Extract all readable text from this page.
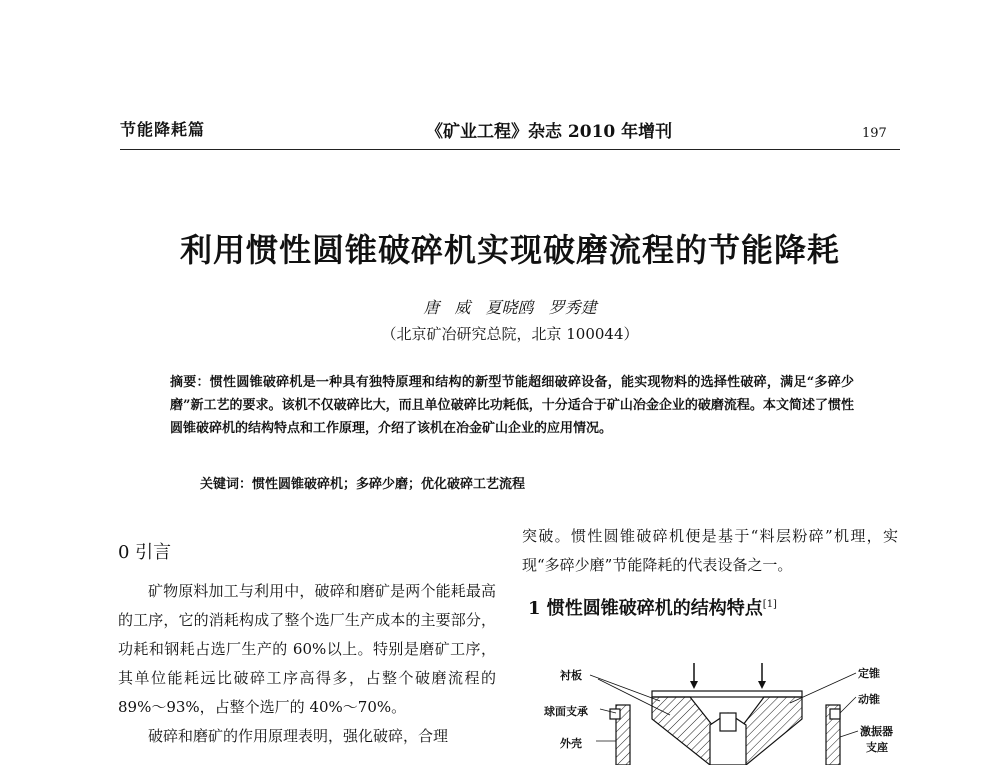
节能降耗篇	《矿业工程》杂志 2010 年增刊	197
利用惯性圆锥破碎机实现破磨流程的节能降耗
唐 威 夏晓鸥 罗秀建
（北京矿冶研究总院，北京 100044）
摘要：惯性圆锥破碎机是一种具有独特原理和结构的新型节能超细破碎设备，能实现物料的选择性破碎，满足“多碎少磨”新工艺的要求。该机不仅破碎比大，而且单位破碎比功耗低，十分适合于矿山冶金企业的破磨流程。本文简述了惯性圆锥破碎机的结构特点和工作原理，介绍了该机在冶金矿山企业的应用情况。
关键词：惯性圆锥破碎机；多碎少磨；优化破碎工艺流程
0 引言

矿物原料加工与利用中，破碎和磨矿是两个能耗最高的工序，它的消耗构成了整个选厂生产成本的主要部分，功耗和钢耗占选厂生产的 60%以上。特别是磨矿工序，其单位能耗远比破碎工序高得多，占整个破磨流程的 89%～93%，占整个选厂的 40%～70%。

破碎和磨矿的作用原理表明，强化破碎，合理

突破。惯性圆锥破碎机便是基于“料层粉碎”机理，实现“多碎少磨”节能降耗的代表设备之一。

1 惯性圆锥破碎机的结构特点[1]
衬板
球面支承
外壳
定锥
动锥
激振器
支座
